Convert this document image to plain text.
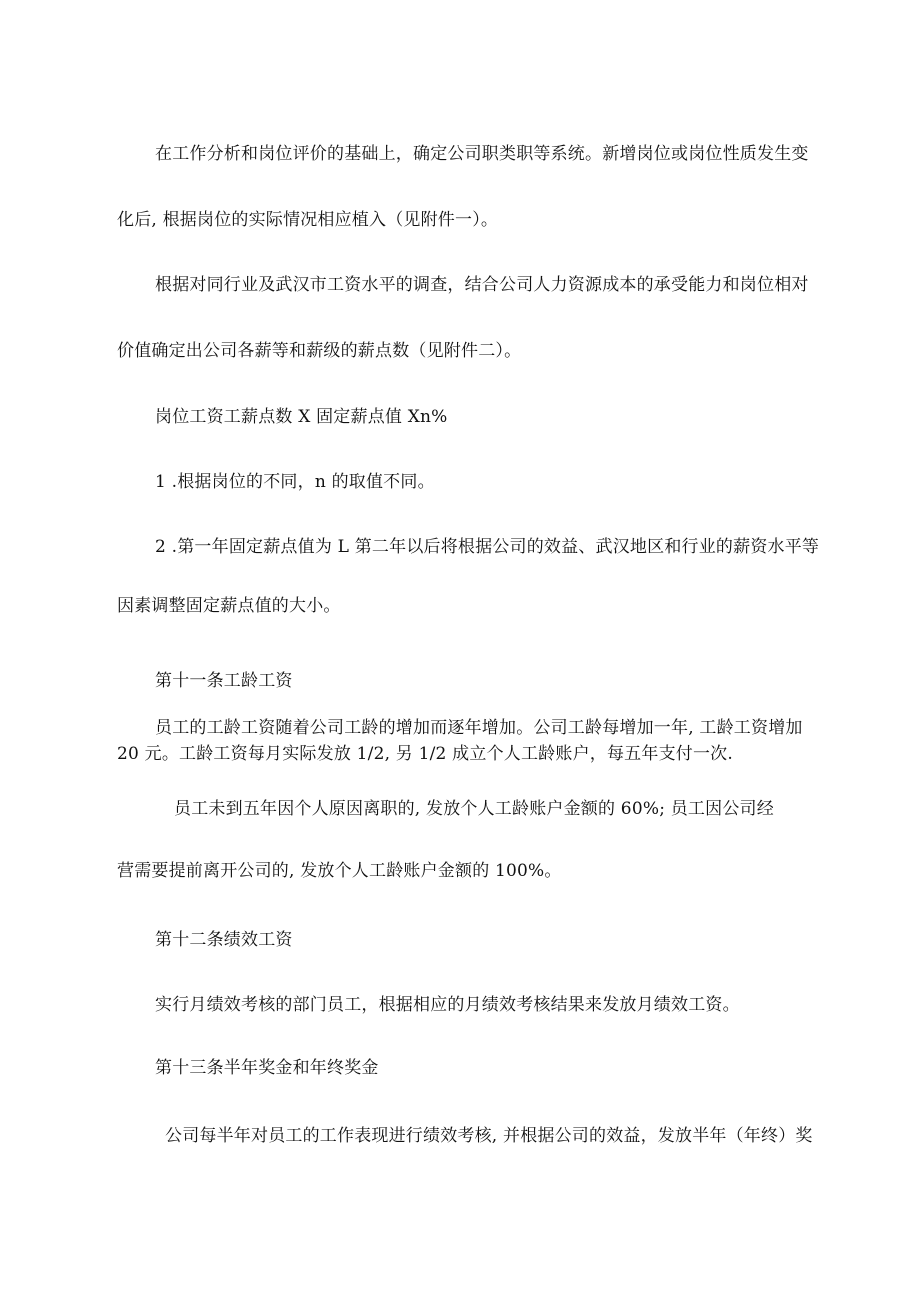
在工作分析和岗位评价的基础上，确定公司职类职等系统。新增岗位或岗位性质发生变
化后, 根据岗位的实际情况相应植入（见附件一）。
根据对同行业及武汉市工资水平的调查，结合公司人力资源成本的承受能力和岗位相对
价值确定出公司各薪等和薪级的薪点数（见附件二）。
岗位工资工薪点数 X 固定薪点值 Xn%
1 .根据岗位的不同，n 的取值不同。
2 .第一年固定薪点值为 L 第二年以后将根据公司的效益、武汉地区和行业的薪资水平等
因素调整固定薪点值的大小。
第十一条工龄工资
员工的工龄工资随着公司工龄的增加而逐年增加。公司工龄每增加一年, 工龄工资增加
20 元。工龄工资每月实际发放 1/2, 另 1/2 成立个人工龄账户，每五年支付一次.
员工未到五年因个人原因离职的, 发放个人工龄账户金额的 60%; 员工因公司经
营需要提前离开公司的, 发放个人工龄账户金额的 100%。
第十二条绩效工资
实行月绩效考核的部门员工，根据相应的月绩效考核结果来发放月绩效工资。
第十三条半年奖金和年终奖金
公司每半年对员工的工作表现进行绩效考核, 并根据公司的效益，发放半年（年终）奖
